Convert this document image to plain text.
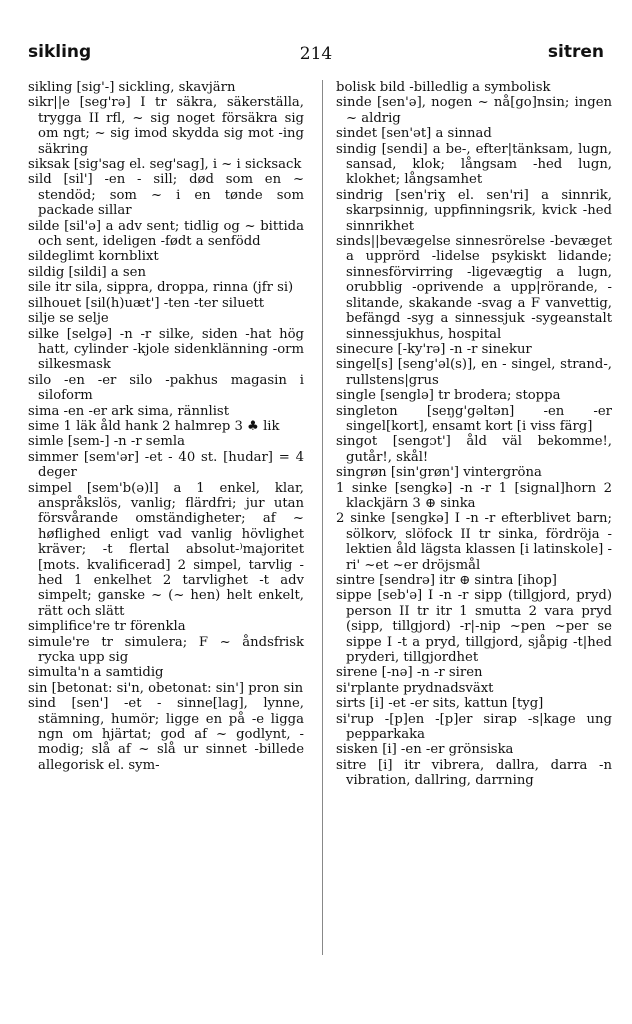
sikling	214	sitren

sikling [sig'-] sickling, skavjärn

sikr||e [seg'rə] I tr säkra, säkerställa, trygga II rfl, ~ sig noget försäkra sig om ngt; ~ sig imod skydda sig mot -ing säkring

siksak [sig'sag el. seg'sag], i ~ i sicksack

sild [sil'] -en - sill; død som en ~ stendöd; som ~ i en tønde som packade sillar

silde [sil'ə] a adv sent; tidlig og ~ bittida och sent, ideligen -født a senfödd

sildeglimt kornblixt

sildig [sildi] a sen

sile itr sila, sippra, droppa, rinna (jfr si)

silhouet [sil(h)uæt'] -ten -ter siluett

silje se selje

silke [selgə] -n -r silke, siden -hat hög hatt, cylinder -kjole sidenklänning -orm silkesmask

silo -en -er silo -pakhus magasin i siloform

sima -en -er ark sima, rännlist

sime 1 läk åld hank 2 halmrep 3 ♣ lik

simle [sem-] -n -r semla

simmer [sem'ər] -et - 40 st. [hudar] = 4 deger

simpel [sem'b(ə)l] a 1 enkel, klar, anspråkslös, vanlig; flärdfri; jur utan försvårande omständigheter; af ~ høflighed enligt vad vanlig hövlighet kräver; -t flertal absolut-⁾majoritet [mots. kvalificerad] 2 simpel, tarvlig -hed 1 enkelhet 2 tarvlighet -t adv simpelt; ganske ~ (~ hen) helt enkelt, rätt och slätt

simplifice're tr förenkla

simule're tr simulera; F ~ åndsfrisk rycka upp sig

simulta'n a samtidig

sin [betonat: si'n, obetonat: sin'] pron sin

sind [sen'] -et - sinne[lag], lynne, stämning, humör; ligge en på -e ligga ngn om hjärtat; god af ~ godlynt, -modig; slå af ~ slå ur sinnet -billede allegorisk el. sym-

bolisk bild -billedlig a symbolisk

sinde [sen'ə], nogen ~ nå[go]nsin; ingen ~ aldrig

sindet [sen'ət] a sinnad

sindig [sendi] a be-, efter|tänksam, lugn, sansad, klok; långsam -hed lugn, klokhet; långsamhet

sindrig [sen'riɣ el. sen'ri] a sinnrik, skarpsinnig, uppfinningsrik, kvick -hed sinnrikhet

sinds||bevægelse sinnesrörelse -bevæget a upprörd -lidelse psykiskt lidande; sinnesförvirring -ligevægtig a lugn, orubblig -oprivende a upp|rörande, -slitande, skakande -svag a F vanvettig, befängd -syg a sinnessjuk -sygeanstalt sinnessjukhus, hospital

sinecure [-ky'rə] -n -r sinekur

singel[s] [seng'əl(s)], en - singel, strand-, rullstens|grus

single [senglə] tr brodera; stoppa

singleton [seŋg'gəltən] -en -er singel[kort], ensamt kort [i viss färg]

singot [sengɔt'] åld väl bekomme!, gutår!, skål!

singrøn [sin'grøn'] vintergröna

1 sinke [sengkə] -n -r 1 [signal]horn 2 klackjärn 3 ⊕ sinka

2 sinke [sengkə] I -n -r efterblivet barn; sölkorv, slöfock II tr sinka, fördröja -lektien åld lägsta klassen [i latinskole] -ri' ~et ~er dröjsmål

sintre [sendrə] itr ⊕ sintra [ihop]

sippe [seb'ə] I -n -r sipp (tillgjord, pryd) person II tr itr 1 smutta 2 vara pryd (sipp, tillgjord) -r|-nip ~pen ~per se sippe I -t a pryd, tillgjord, sjåpig -t|hed pryderi, tillgjordhet

sirene [-nə] -n -r siren

si'rplante prydnadsväxt

sirts [i] -et -er sits, kattun [tyg]

si'rup -[p]en -[p]er sirap -s|kage ung pepparkaka

sisken [i] -en -er grönsiska

sitre [i] itr vibrera, dallra, darra -n vibration, dallring, darrning
